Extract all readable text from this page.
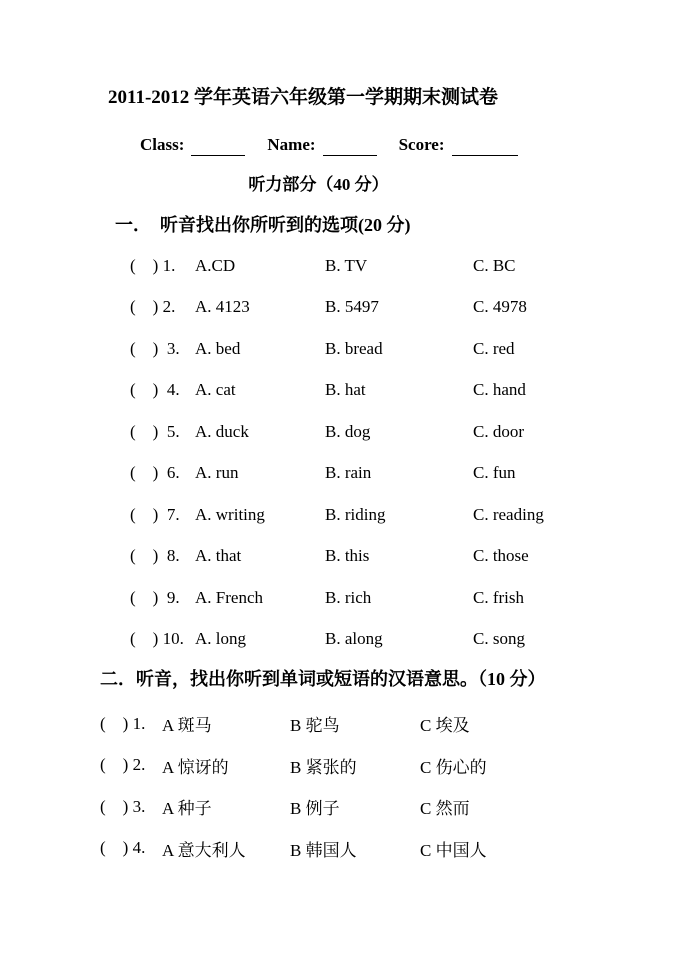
2011-2012 学年英语六年级第一学期期末测试卷
Class:	Name:	Score:
听力部分（40 分）
一．  听音找出你所听到的选项(20 分)
(    ) 1.	A.CD	B. TV	C. BC
(    ) 2.	A. 4123	B. 5497	C. 4978
(    )  3. A. bed	B. bread	C. red
(    )  4. A. cat	B. hat	C. hand
(    )  5. A. duck	B. dog	C. door
(    )  6. A. run	B. rain	C. fun
(    )  7. A. writing	B. riding	C. reading
(    )  8. A. that	B. this	C. those
(    )  9. A. French	B. rich	C. frish
(    ) 10. A. long	B. along	C. song
二．听音，找出你听到单词或短语的汉语意思。（10 分）
(    ) 1. A 斑马	B 驼鸟	C 埃及
(    ) 2. A 惊讶的	B 紧张的	C 伤心的
(    ) 3. A 种子	B 例子	C 然而
(    ) 4. A 意大利人	B 韩国人	C 中国人
